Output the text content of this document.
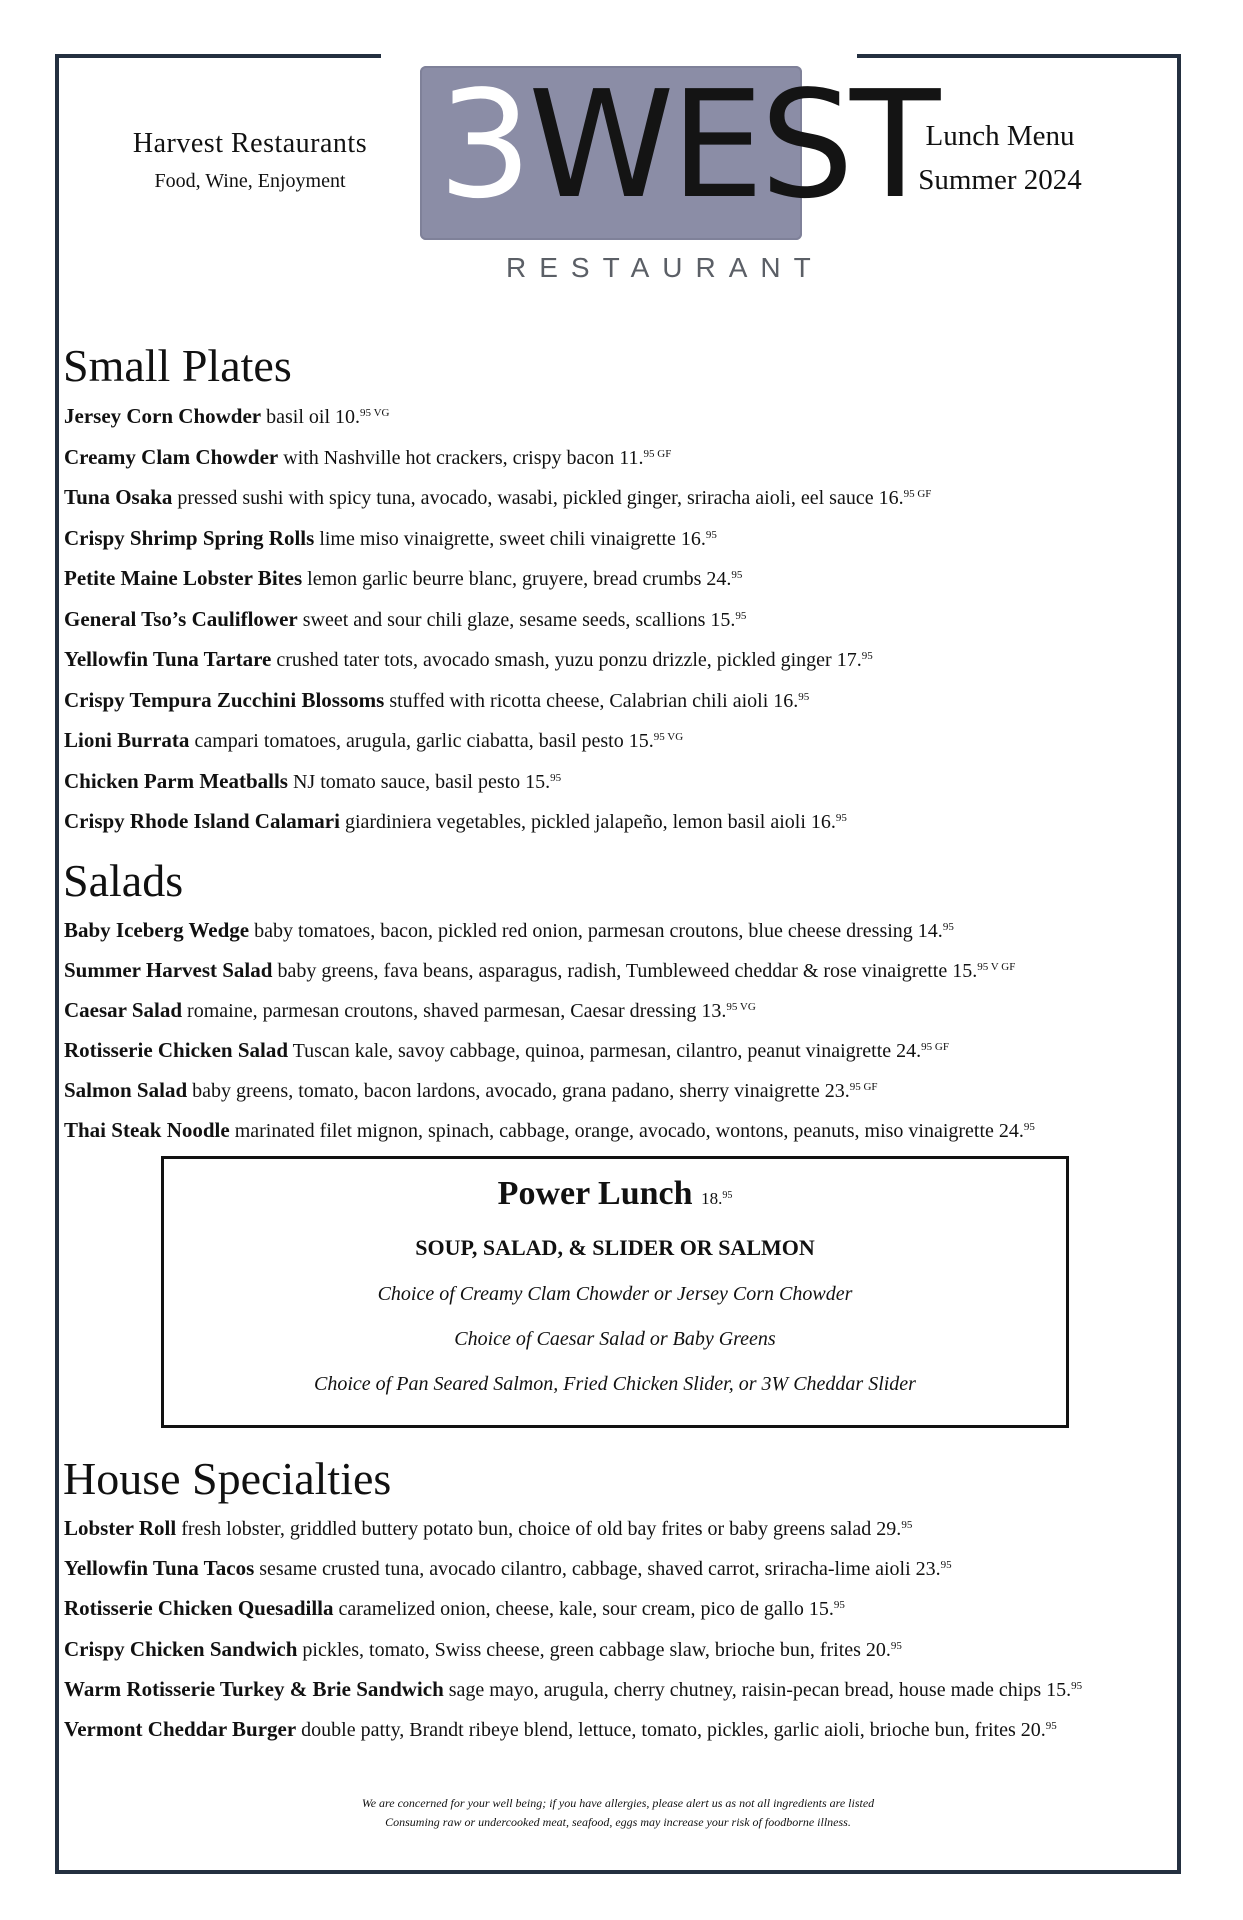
Harvest Restaurants
Food, Wine, Enjoyment 3WEST
RESTAURANT
Lunch Menu
Summer 2024
Small Plates
Jersey Corn Chowder basil oil 10.95 $^{VG}$
Creamy Clam Chowder with Nashville hot crackers, crispy bacon 11.95 $^{GF}$
Tuna Osaka pressed sushi with spicy tuna, avocado, wasabi, pickled ginger, sriracha aioli, eel sauce 16.95 $^{GF}$
Crispy Shrimp Spring Rolls lime miso vinaigrette, sweet chili vinaigrette 16.95
Petite Maine Lobster Bites lemon garlic beurre blanc, gruyere, bread crumbs 24.95
General Tso’s Cauliflower sweet and sour chili glaze, sesame seeds, scallions 15.95
Yellowfin Tuna Tartare crushed tater tots, avocado smash, yuzu ponzu drizzle, pickled ginger 17.95
Crispy Tempura Zucchini Blossoms stuffed with ricotta cheese, Calabrian chili aioli 16.95
Lioni Burrata campari tomatoes, arugula, garlic ciabatta, basil pesto 15.95 $^{VG}$
Chicken Parm Meatballs NJ tomato sauce, basil pesto 15.95
Crispy Rhode Island Calamari giardiniera vegetables, pickled jalapeño, lemon basil aioli 16.95
Salads
Baby Iceberg Wedge baby tomatoes, bacon, pickled red onion, parmesan croutons, blue cheese dressing 14.95
Summer Harvest Salad baby greens, fava beans, asparagus, radish, Tumbleweed cheddar & rose vinaigrette 15.95 $^{V GF}$
Caesar Salad romaine, parmesan croutons, shaved parmesan, Caesar dressing 13.95 $^{VG}$
Rotisserie Chicken Salad Tuscan kale, savoy cabbage, quinoa, parmesan, cilantro, peanut vinaigrette 24.95 $^{GF}$
Salmon Salad baby greens, tomato, bacon lardons, avocado, grana padano, sherry vinaigrette 23.95 $^{GF}$
Thai Steak Noodle marinated filet mignon, spinach, cabbage, orange, avocado, wontons, peanuts, miso vinaigrette 24.95
Power Lunch 18.95
SOUP, SALAD, & SLIDER OR SALMON
Choice of Creamy Clam Chowder or Jersey Corn Chowder
Choice of Caesar Salad or Baby Greens
Choice of Pan Seared Salmon, Fried Chicken Slider, or 3W Cheddar Slider
House Specialties
Lobster Roll fresh lobster, griddled buttery potato bun, choice of old bay frites or baby greens salad 29.95
Yellowfin Tuna Tacos sesame crusted tuna, avocado cilantro, cabbage, shaved carrot, sriracha-lime aioli 23.95
Rotisserie Chicken Quesadilla caramelized onion, cheese, kale, sour cream, pico de gallo 15.95
Crispy Chicken Sandwich pickles, tomato, Swiss cheese, green cabbage slaw, brioche bun, frites 20.95
Warm Rotisserie Turkey & Brie Sandwich sage mayo, arugula, cherry chutney, raisin-pecan bread, house made chips 15.95
Vermont Cheddar Burger double patty, Brandt ribeye blend, lettuce, tomato, pickles, garlic aioli, brioche bun, frites 20.95
We are concerned for your well being; if you have allergies, please alert us as not all ingredients are listed
Consuming raw or undercooked meat, seafood, eggs may increase your risk of foodborne illness.
